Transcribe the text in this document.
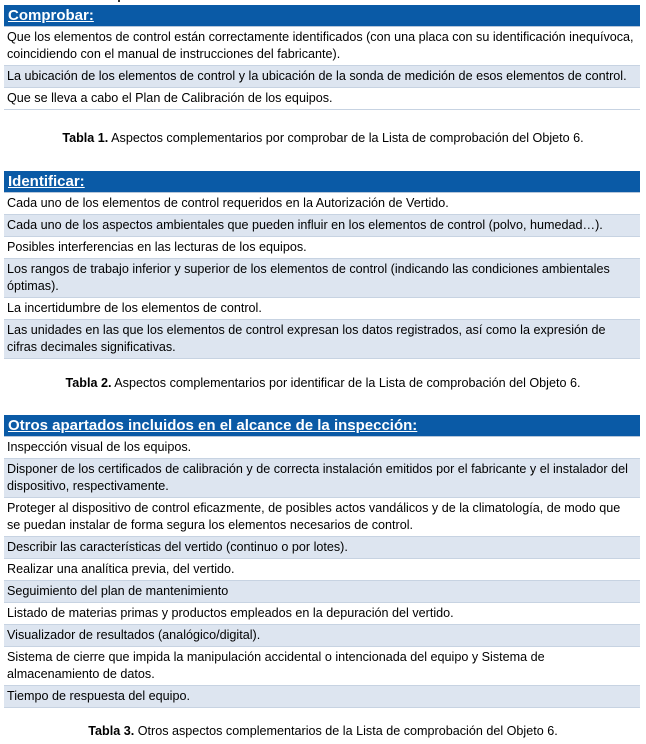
Comprobar:
Que los elementos de control están correctamente identificados (con una placa con su identificación inequívoca, coincidiendo con el manual de instrucciones del fabricante).
La ubicación de los elementos de control y la ubicación de la sonda de medición de esos elementos de control.
Que se lleva a cabo el Plan de Calibración de los equipos.
Tabla 1. Aspectos complementarios por comprobar de la Lista de comprobación del Objeto 6.
Identificar:
Cada uno de los elementos de control requeridos en la Autorización de Vertido.
Cada uno de los aspectos ambientales que pueden influir en los elementos de control (polvo, humedad…).
Posibles interferencias en las lecturas de los equipos.
Los rangos de trabajo inferior y superior de los elementos de control (indicando las condiciones ambientales óptimas).
La incertidumbre de los elementos de control.
Las unidades en las que los elementos de control expresan los datos registrados, así como la expresión de cifras decimales significativas.
Tabla 2. Aspectos complementarios por identificar de la Lista de comprobación del Objeto 6.
Otros apartados incluidos en el alcance de la inspección:
Inspección visual de los equipos.
Disponer de los certificados de calibración y de correcta instalación emitidos por el fabricante y el instalador del dispositivo, respectivamente.
Proteger al dispositivo de control eficazmente, de posibles actos vandálicos y de la climatología, de modo que se puedan instalar de forma segura los elementos necesarios de control.
Describir las características del vertido (continuo o por lotes).
Realizar una analítica previa, del vertido.
Seguimiento del plan de mantenimiento
Listado de materias primas y productos empleados en la depuración del vertido.
Visualizador de resultados (analógico/digital).
Sistema de cierre que impida la manipulación accidental o intencionada del equipo y Sistema de almacenamiento de datos.
Tiempo de respuesta del equipo.
Tabla 3. Otros aspectos complementarios de la Lista de comprobación del Objeto 6.
